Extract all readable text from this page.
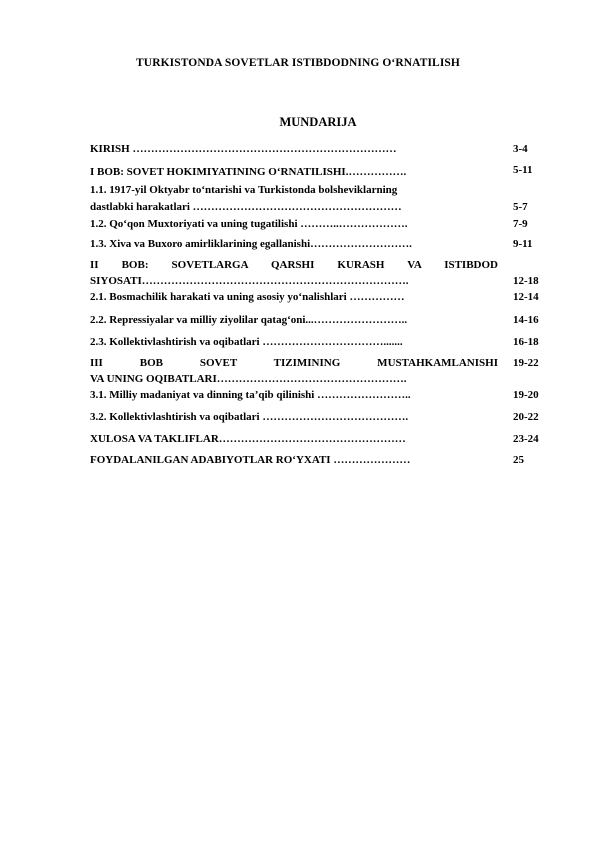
TURKISTONDA SOVETLAR ISTIBDODNING O‘RNATILISH
MUNDARIJA
KIRISH ………………………………………………………………	3-4
I BOB: SOVET HOKIMIYATINING O‘RNATILISHI.…………….	5-11
1.1. 1917-yil Oktyabr to‘ntarishi va Turkistonda bolsheviklarning
dastlabki harakatlari …………………………………………………	5-7
1.2. Qo‘qon Muxtoriyati va uning tugatilishi ………..……………….	7-9
1.3. Xiva va Buxoro amirliklarining egallanishi……………………….	9-11
II BOB: SOVETLARGA QARSHI KURASH VA ISTIBDOD
SIYOSATI……………………………………………………………….	12-18
2.1. Bosmachilik harakati va uning asosiy yo‘nalishlari ……………	12-14
2.2. Repressiyalar va milliy ziyolilar qatag‘oni...……………………..	14-16
2.3. Kollektivlashtirish va oqibatlari …………………………….......	16-18
III BOB SOVET TIZIMINING MUSTAHKAMLANISHI 19-22
VA UNING OQIBATLARI…………………………………………….
3.1. Milliy madaniyat va dinning ta’qib qilinishi ……………………..	19-20
3.2. Kollektivlashtirish va oqibatlari ………………………………….	20-22
XULOSA VA TAKLIFLAR……………………………………………	23-24
FOYDALANILGAN ADABIYOTLAR RO‘YXATI …………………	25
